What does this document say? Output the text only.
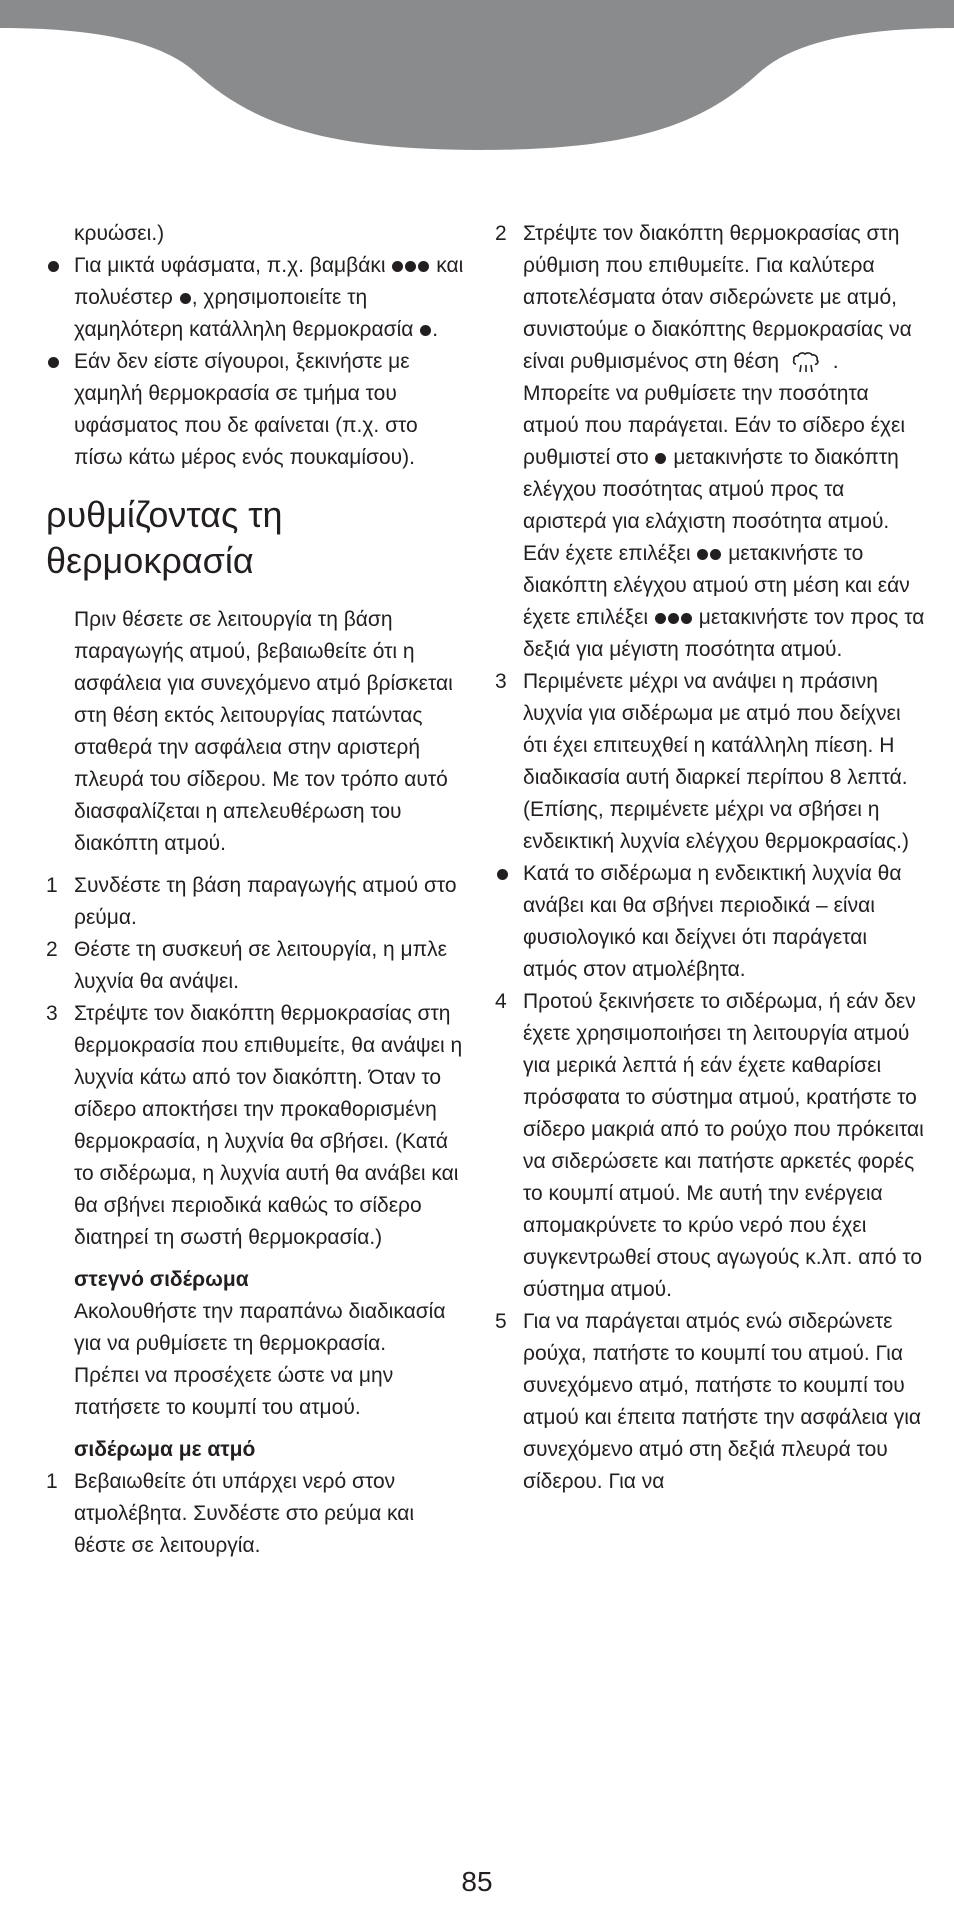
κρυώσει.)

Για μικτά υφάσματα, π.χ. βαμβάκι και πολυέστερ , χρησιμοποιείτε τη χαμηλότερη κατάλληλη θερμοκρασία .
Εάν δεν είστε σίγουροι, ξεκινήστε με χαμηλή θερμοκρασία σε τμήμα του υφάσματος που δε φαίνεται (π.χ. στο πίσω κάτω μέρος ενός πουκαμίσου).
ρυθμίζοντας τη θερμοκρασία

Πριν θέσετε σε λειτουργία τη βάση παραγωγής ατμού, βεβαιωθείτε ότι η ασφάλεια για συνεχόμενο ατμό βρίσκεται στη θέση εκτός λειτουργίας πατώντας σταθερά την ασφάλεια στην αριστερή πλευρά του σίδερου. Με τον τρόπο αυτό διασφαλίζεται η απελευθέρωση του διακόπτη ατμού.

1 Συνδέστε τη βάση παραγωγής ατμού στο ρεύμα.
2 Θέστε τη συσκευή σε λειτουργία, η μπλε λυχνία θα ανάψει.
3 Στρέψτε τον διακόπτη θερμοκρασίας στη θερμοκρασία που επιθυμείτε, θα ανάψει η λυχνία κάτω από τον διακόπτη. Όταν το σίδερο αποκτήσει την προκαθορισμένη θερμοκρασία, η λυχνία θα σβήσει. (Κατά το σιδέρωμα, η λυχνία αυτή θα ανάβει και θα σβήνει περιοδικά καθώς το σίδερο διατηρεί τη σωστή θερμοκρασία.)

στεγνό σιδέρωμα

Ακολουθήστε την παραπάνω διαδικασία για να ρυθμίσετε τη θερμοκρασία.

Πρέπει να προσέχετε ώστε να μην πατήσετε το κουμπί του ατμού.

σιδέρωμα με ατμό

1 Βεβαιωθείτε ότι υπάρχει νερό στον ατμολέβητα. Συνδέστε στο ρεύμα και θέστε σε λειτουργία.
2 Στρέψτε τον διακόπτη θερμοκρασίας στη ρύθμιση που επιθυμείτε. Για καλύτερα αποτελέσματα όταν σιδερώνετε με ατμό, συνιστούμε ο διακόπτης θερμοκρασίας να είναι ρυθμισμένος στη θέση	.
Μπορείτε να ρυθμίσετε την ποσότητα ατμού που παράγεται. Εάν το σίδερο έχει ρυθμιστεί στο μετακινήστε το διακόπτη ελέγχου ποσότητας ατμού προς τα αριστερά για ελάχιστη ποσότητα ατμού. Εάν έχετε επιλέξει μετακινήστε το διακόπτη ελέγχου ατμού στη μέση και εάν έχετε επιλέξει μετακινήστε τον προς τα δεξιά για μέγιστη ποσότητα ατμού.
3 Περιμένετε μέχρι να ανάψει η πράσινη λυχνία για σιδέρωμα με ατμό που δείχνει ότι έχει επιτευχθεί η κατάλληλη πίεση. Η διαδικασία αυτή διαρκεί περίπου 8 λεπτά. (Επίσης, περιμένετε μέχρι να σβήσει η ενδεικτική λυχνία ελέγχου θερμοκρασίας.)
Κατά το σιδέρωμα η ενδεικτική λυχνία θα ανάβει και θα σβήνει περιοδικά – είναι φυσιολογικό και δείχνει ότι παράγεται ατμός στον ατμολέβητα.
4 Προτού ξεκινήσετε το σιδέρωμα, ή εάν δεν έχετε χρησιμοποιήσει τη λειτουργία ατμού για μερικά λεπτά ή εάν έχετε καθαρίσει πρόσφατα το σύστημα ατμού, κρατήστε το σίδερο μακριά από το ρούχο που πρόκειται να σιδερώσετε και πατήστε αρκετές φορές το κουμπί ατμού. Με αυτή την ενέργεια απομακρύνετε το κρύο νερό που έχει συγκεντρωθεί στους αγωγούς κ.λπ. από το σύστημα ατμού.
5 Για να παράγεται ατμός ενώ σιδερώνετε ρούχα, πατήστε το κουμπί του ατμού. Για συνεχόμενο ατμό, πατήστε το κουμπί του ατμού και έπειτα πατήστε την ασφάλεια για συνεχόμενο ατμό στη δεξιά πλευρά του σίδερου. Για να
85
